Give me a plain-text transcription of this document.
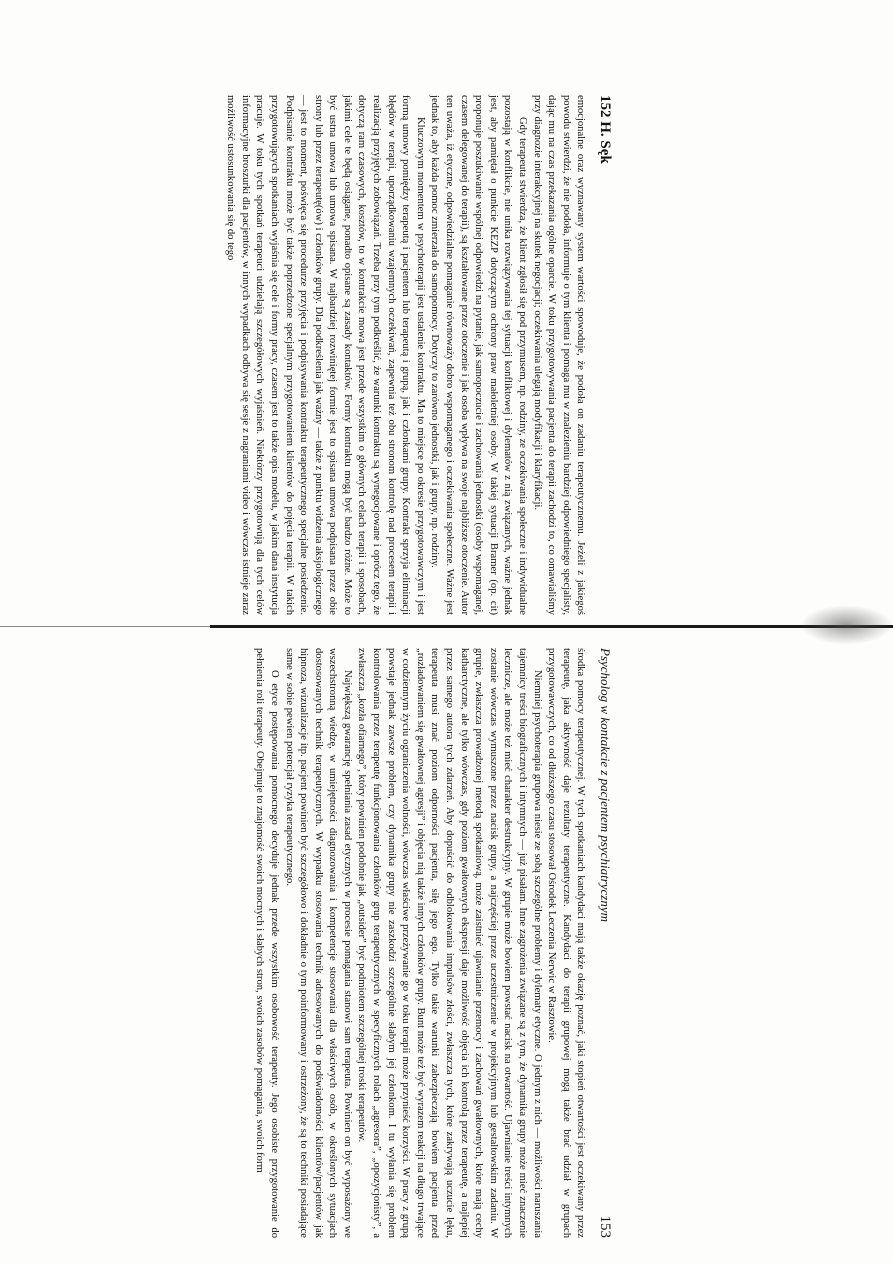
152 H. Sęk

emocjonalne oraz wyznawany system wartości spowoduje, że podoła on zadaniu terapeutycznemu. Jeżeli z jakiegoś powodu stwierdzi, że nie podoła, informuje o tym klienta i pomaga mu w znalezieniu bardziej odpowiedniego specjalisty, dając mu na czas przekazania ogólne oparcie. W toku przygotowywania pacjenta do terapii zachodzi to, co omawialiśmy przy diagnozie interakcyjnej na skutek negocjacji; oczekiwania ulegają modyfikacji i klaryfikacji.

Gdy terapeuta stwierdza, że klient zgłosił się pod przymusem, np. rodziny, ze oczekiwania społeczne i indywidualne pozostają w konflikcie, nie unika rozwiązywania tej sytuacji konfliktowej i dylematów z nią związanych, ważne jednak jest, aby pamiętał o punkcie KEZP dotyczącym ochrony praw małoletniej osoby. W takiej sytuacji Bramer (op. cit) proponuje poszukiwanie wspólnej odpowiedzi na pytanie, jak samopoczucie i zachowania jednostki (osoby wspomaganej, czasem delegowanej do terapii), są kształtowane przez otoczenie i jak osoba wpływa na swoje najbliższe otoczenie. Autor ten uważa, iż etyczne, odpowiedzialne pomaganie równoważy dobro wspomaganego i oczekiwania społeczne. Ważne jest jednak to, aby każda pomoc zmierzała do samopomocy. Dotyczy to zarówno jednostki, jak i grupy, np. rodziny.

Kluczowym momentem w psychoterapii jest ustalenie kontraktu. Ma to miejsce po okresie przygotowawczym i jest formą umowy pomiędzy terapeutą i pacjentem lub terapeutą i grupą, jak i członkami grupy. Kontrakt sprzyja eliminacji błędów w terapii, uporządkowaniu wzajemnych oczekiwań, zapewnia też obu stronom kontrolę nad procesem terapii i realizacją przyjętych zobowiązań. Trzeba przy tym podkreślić, że warunki kontraktu są wynegocjowane i oprócz tego, że dotyczą ram czasowych, kosztów, to w kontrakcie mowa jest przede wszystkim o głównych celach terapii i sposobach, jakimi cele te będą osiągane, ponadto opisane są zasady kontaktów. Formy kontraktu mogą być bardzo różne. Może to być ustna umowa lub umowa spisana. W najbardziej rozwiniętej formie jest to spisana umowa podpisana przez obie strony lub przez terapeutę(ów) i członków grupy. Dla podkreślenia jak ważny — także z punktu widzenia aksjologicznego — jest to moment, poświęca się procedurze przyjęcia i podpisywania kontraktu terapeutycznego specjalne posiedzenie. Podpisanie kontraktu może być także poprzedzone specjalnym przygotowaniem klientów do pojęcia terapii. W takich przygotowujących spotkaniach wyjaśnia się cele i formy pracy, czasem jest to także opis modelu, w jakim dana instytucja pracuje. W toku tych spotkań terapeuci udzielają szczegółowych wyjaśnień. Niektórzy przygotowują dla tych celów informacyjne broszurki dla pacjentów, w innych wypadkach odbywa się sesje z nagraniami video i wówczas istnieje zaraz możliwość ustosunkowania się do tego

Psycholog w kontakcie z pacjentem psychiatrycznym
153

środka pomocy terapeutycznej. W tych spotkaniach kandydaci mają także okazję poznać, jaki stopień otwartości jest oczekiwany przez terapeutę, jaka aktywność daje rezultaty terapeutyczne. Kandydaci do terapii grupowej mogą także brać udział w grupach przygotowawczych, co od dłuższego czasu stosował Ośrodek Leczenia Nerwic w Rasztowie.

Niemniej psychoterapia grupowa niesie ze sobą szczególne problemy i dylematy etyczne. O jednym z nich — możliwości naruszania tajemnicy treści biograficznych i intymnych — już pisałam. Inne zagrożenia związane są z tym, że dynamika grupy może mieć znaczenie lecznicze, ale może też mieć charakter destrukcyjny. W grupie może bowiem powstać nacisk na otwartość. Ujawnianie treści intymnych zostanie wówczas wymuszone przez nacisk grupy, a najczęściej przez uczestniczenie w projekcyjnym lub gestaltowskim zadaniu. W grupie, zwłaszcza prowadzonej metodą spotkaniową, może zaistnieć ujawnianie przemocy i zachowań gwałtownych, które mają cechy katharctyczne, ale tylko wówczas, gdy poziom gwałtownych ekspresji daje możliwość objęcia ich kontrolą przez terapeutę, a najlepiej przez samego autora tych zdarzeń. Aby dopuścić do odblokowania impulsów złości, zwłaszcza tych, które zakrywają uczucie lęku, terapeuta musi znać poziom odporności pacjenta, siłę jego ego. Tylko takie warunki zabezpieczają bowiem pacjenta przed „rozładowaniem się gwałtownej agresji” i objęcia nią także innych członków grupy. Bunt może też być wyrazem reakcji na długo trwające w codziennym życiu ograniczenia wolności, wówczas właściwe przeżywanie go w toku terapii może przynieść korzyści. W pracy z grupą powstaje jednak zawsze problem, czy dynamika grupy nie zaszkodzi szczególnie słabym jej członkom. I tu wyłania się problem kontrolowania przez terapeutę funkcjonowania członków grup terapeutycznych w specyficznych rolach „agresora”, „opozycjonisty”, a zwłaszcza „kozła ofiarnego”, który powinien podobnie jak „outsider” być podmiotem szczególnej troski terapeutów.

Największą gwarancję spełniania zasad etycznych w procesie pomagania stanowi sam terapeuta. Powinien on być wyposażony we wszechstronną wiedzę, w umiejętności diagnozowania i kompetencje stosowania dla właściwych osób, w określonych sytuacjach dostosowanych technik terapeutycznych. W wypadku stosowania technik adresowanych do podświadomości klientów/pacjentów jak hipnoza, wizualizacje itp. pacjent powinien być szczegółowo i dokładnie o tym poinformowany i ostrzeżony, że są to techniki posiadające same w sobie pewien potencjał ryzyka terapeutycznego.

O etyce postępowania pomocnego decyduje jednak przede wszystkim osobowość terapeuty. Jego osobiste przygotowanie do pełnienia roli terapeuty. Obejmuje to znajomość swoich mocnych i słabych stron, swoich zasobów pomagania, swoich form
